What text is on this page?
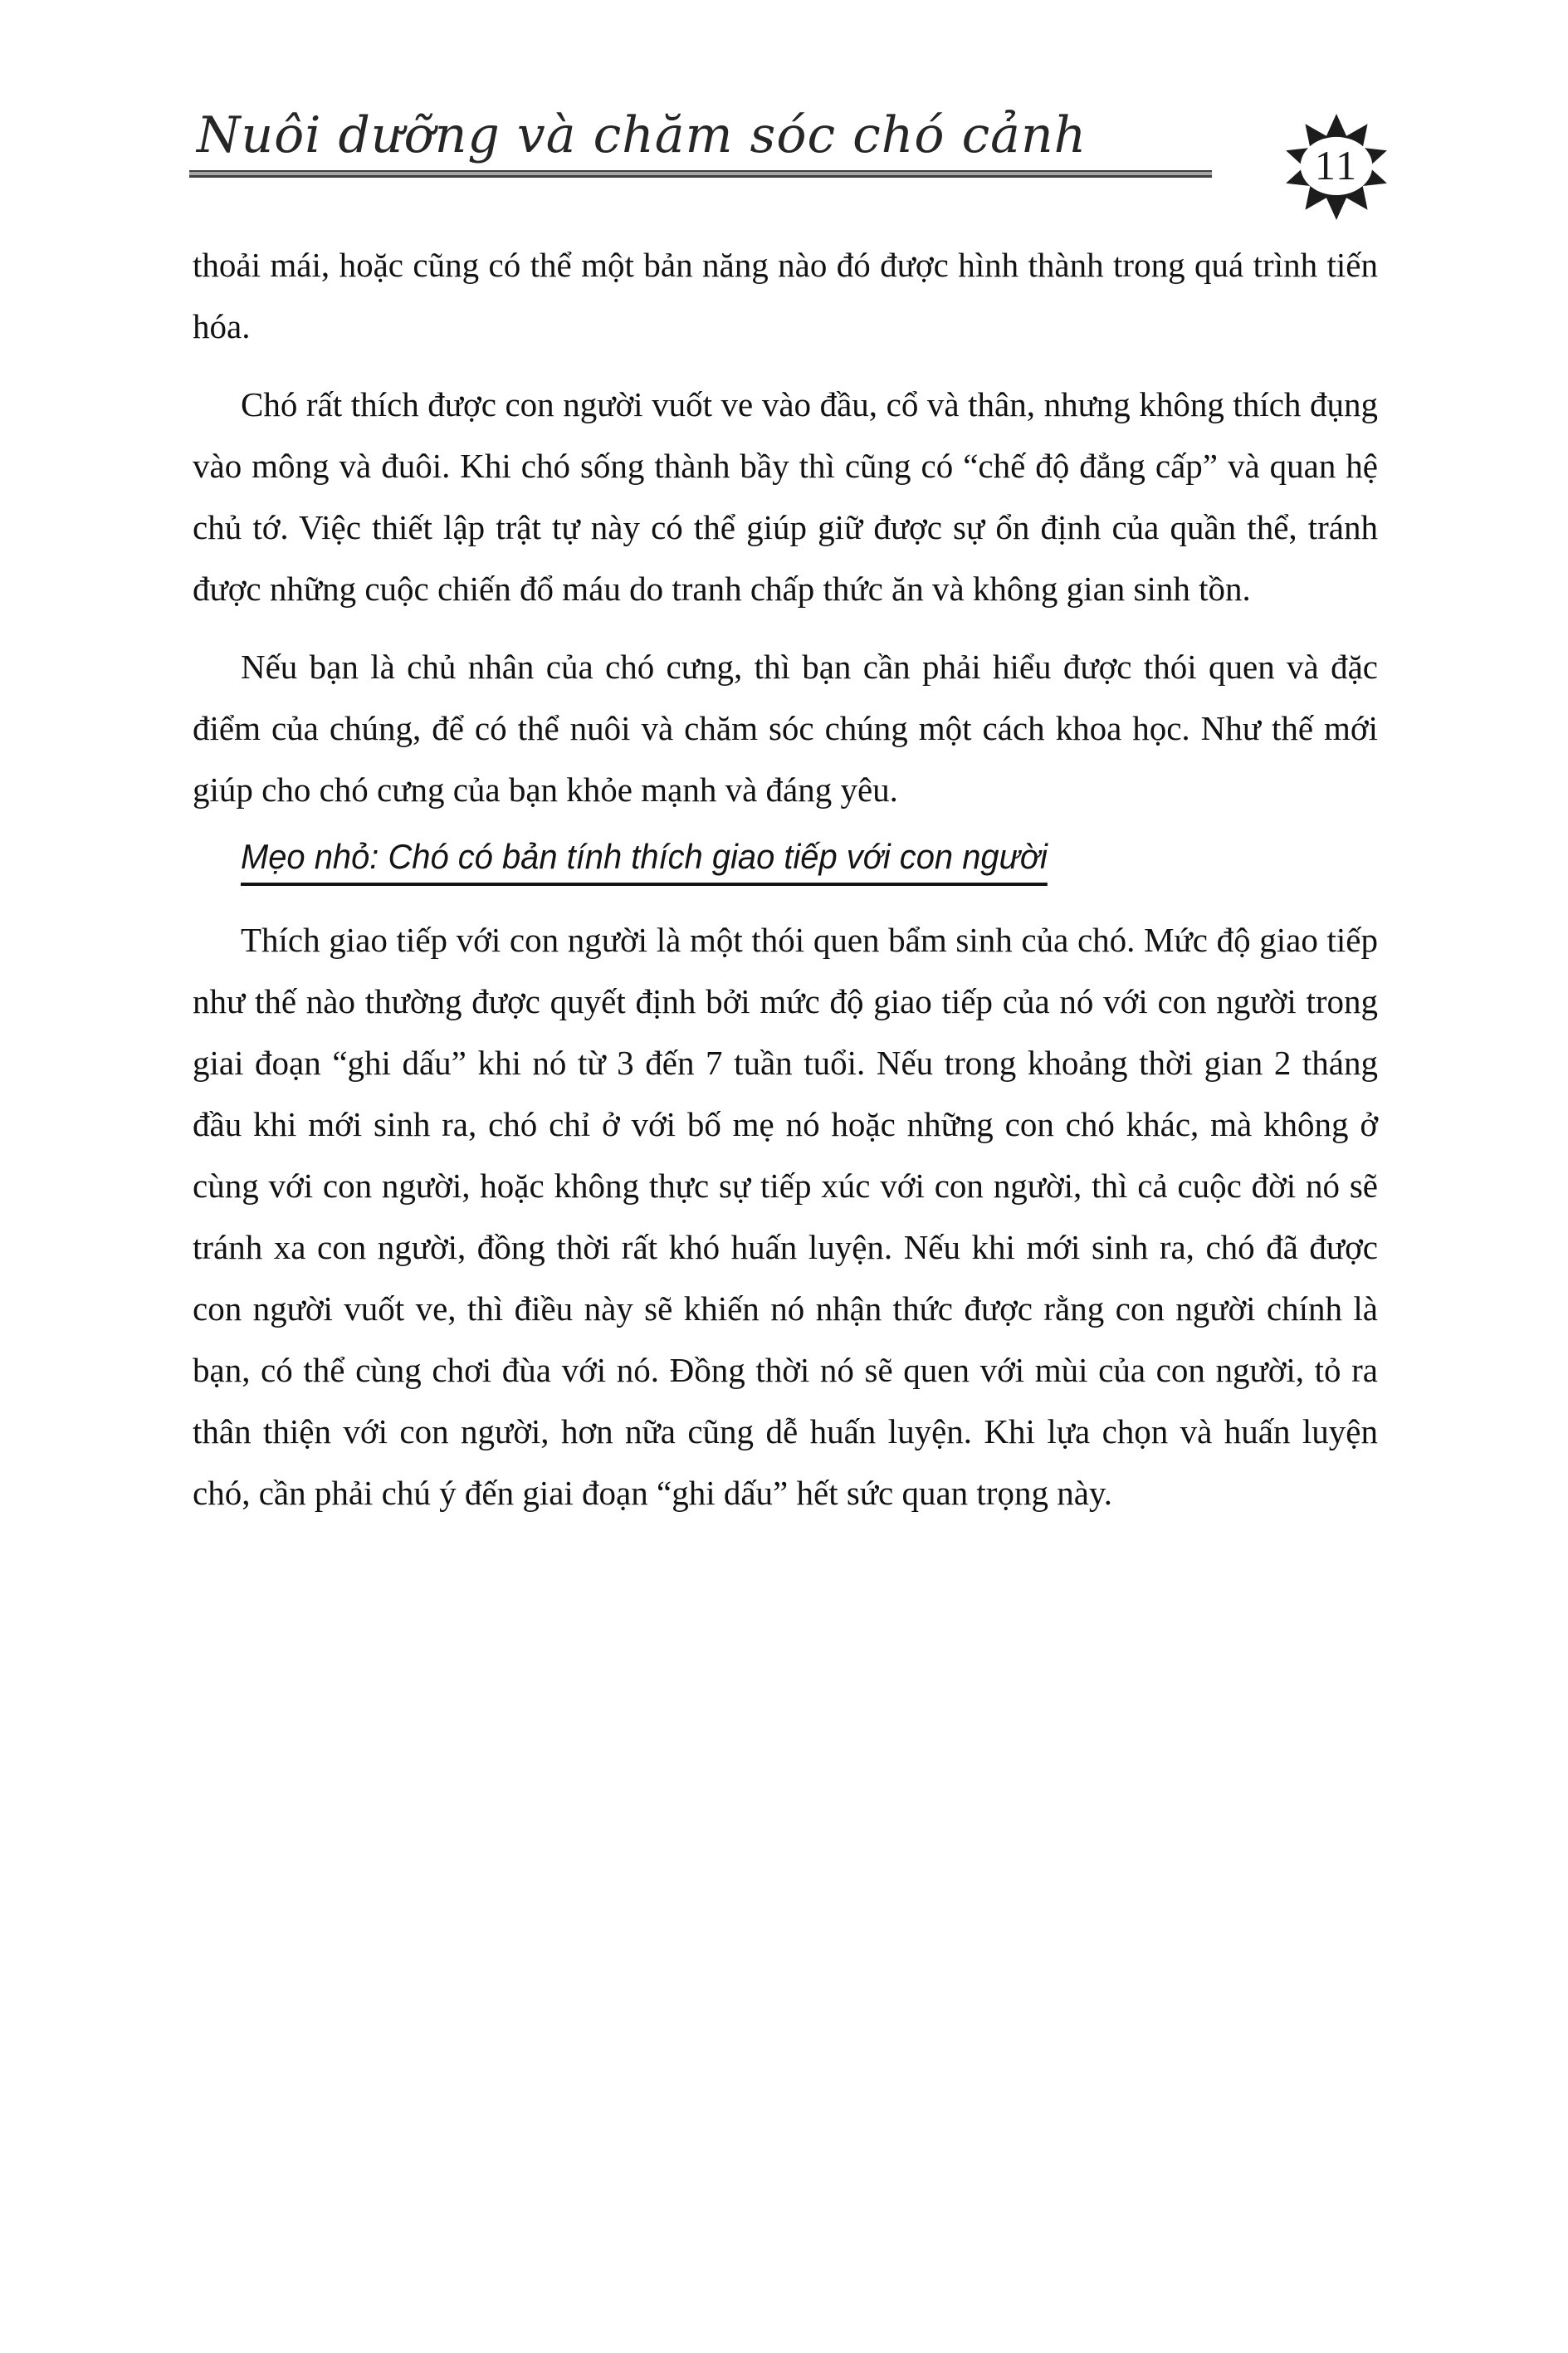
Nuôi dưỡng và chăm sóc chó cảnh
11

thoải mái, hoặc cũng có thể một bản năng nào đó được hình thành trong quá trình tiến hóa.

Chó rất thích được con người vuốt ve vào đầu, cổ và thân, nhưng không thích đụng vào mông và đuôi. Khi chó sống thành bầy thì cũng có “chế độ đẳng cấp” và quan hệ chủ tớ. Việc thiết lập trật tự này có thể giúp giữ được sự ổn định của quần thể, tránh được những cuộc chiến đổ máu do tranh chấp thức ăn và không gian sinh tồn.

Nếu bạn là chủ nhân của chó cưng, thì bạn cần phải hiểu được thói quen và đặc điểm của chúng, để có thể nuôi và chăm sóc chúng một cách khoa học. Như thế mới giúp cho chó cưng của bạn khỏe mạnh và đáng yêu.

Mẹo nhỏ: Chó có bản tính thích giao tiếp với con người

Thích giao tiếp với con người là một thói quen bẩm sinh của chó. Mức độ giao tiếp như thế nào thường được quyết định bởi mức độ giao tiếp của nó với con người trong giai đoạn “ghi dấu” khi nó từ 3 đến 7 tuần tuổi. Nếu trong khoảng thời gian 2 tháng đầu khi mới sinh ra, chó chỉ ở với bố mẹ nó hoặc những con chó khác, mà không ở cùng với con người, hoặc không thực sự tiếp xúc với con người, thì cả cuộc đời nó sẽ tránh xa con người, đồng thời rất khó huấn luyện. Nếu khi mới sinh ra, chó đã được con người vuốt ve, thì điều này sẽ khiến nó nhận thức được rằng con người chính là bạn, có thể cùng chơi đùa với nó. Đồng thời nó sẽ quen với mùi của con người, tỏ ra thân thiện với con người, hơn nữa cũng dễ huấn luyện. Khi lựa chọn và huấn luyện chó, cần phải chú ý đến giai đoạn “ghi dấu” hết sức quan trọng này.
